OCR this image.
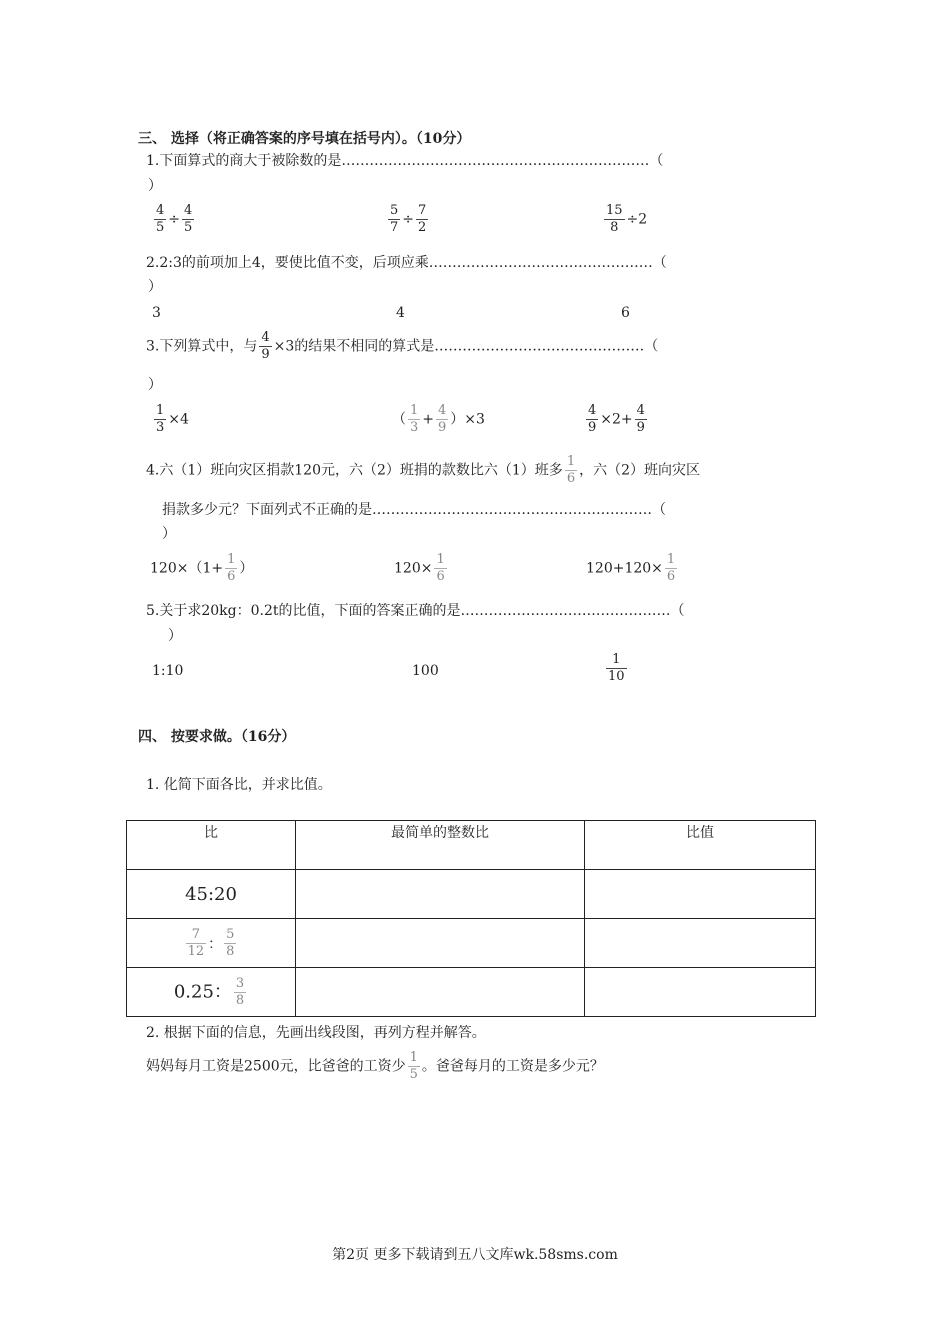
三、 选择（将正确答案的序号填在括号内）。（10分）
1.下面算式的商大于被除数的是…………………………………………………………（
）
$\frac{4}{5} \div \frac{4}{5}$	$\frac{5}{7} \div \frac{7}{2}$	$\frac{15}{8} \div 2$
2.2:3的前项加上4，要使比值不变，后项应乘…………………………………………（
）
3	4	6
3.下列算式中，与 $\frac{4}{9} \times 3$的结果不相同的算式是………………………………………（
）
$\frac{1}{3} \times 4$	（ $\frac{1}{3} + \frac{4}{9} )\times 3$	$\frac{4}{9} \times 2+ \frac{4}{9}$
4.六（1）班向灾区捐款120元，六（2）班捐的款数比六（1）班多 $\frac{1}{6}$ ，六（2）班向灾区
捐款多少元？下面列式不正确的是……………………………………………………（
）
$120\times(1+ \frac{1}{6}$ ）	$120\times \frac{1}{6}$	$120+120\times \frac{1}{6}$
5.关于求20kg：0.2t的比值，下面的答案正确的是………………………………………（
）
1:10	100	$\frac{1}{10}$
四、 按要求做。（16分）
1. 化简下面各比，并求比值。
比	最简单的整数比	比值
45:20		

$\frac{7}{12}$ ： $\frac{5}{8}$

0.25： $\frac{3}{8}$

2. 根据下面的信息，先画出线段图，再列方程并解答。
妈妈每月工资是2500元，比爸爸的工资少 $\frac{1}{5}$ 。爸爸每月的工资是多少元？
第2页 更多下载请到五八文库wk.58sms.com
